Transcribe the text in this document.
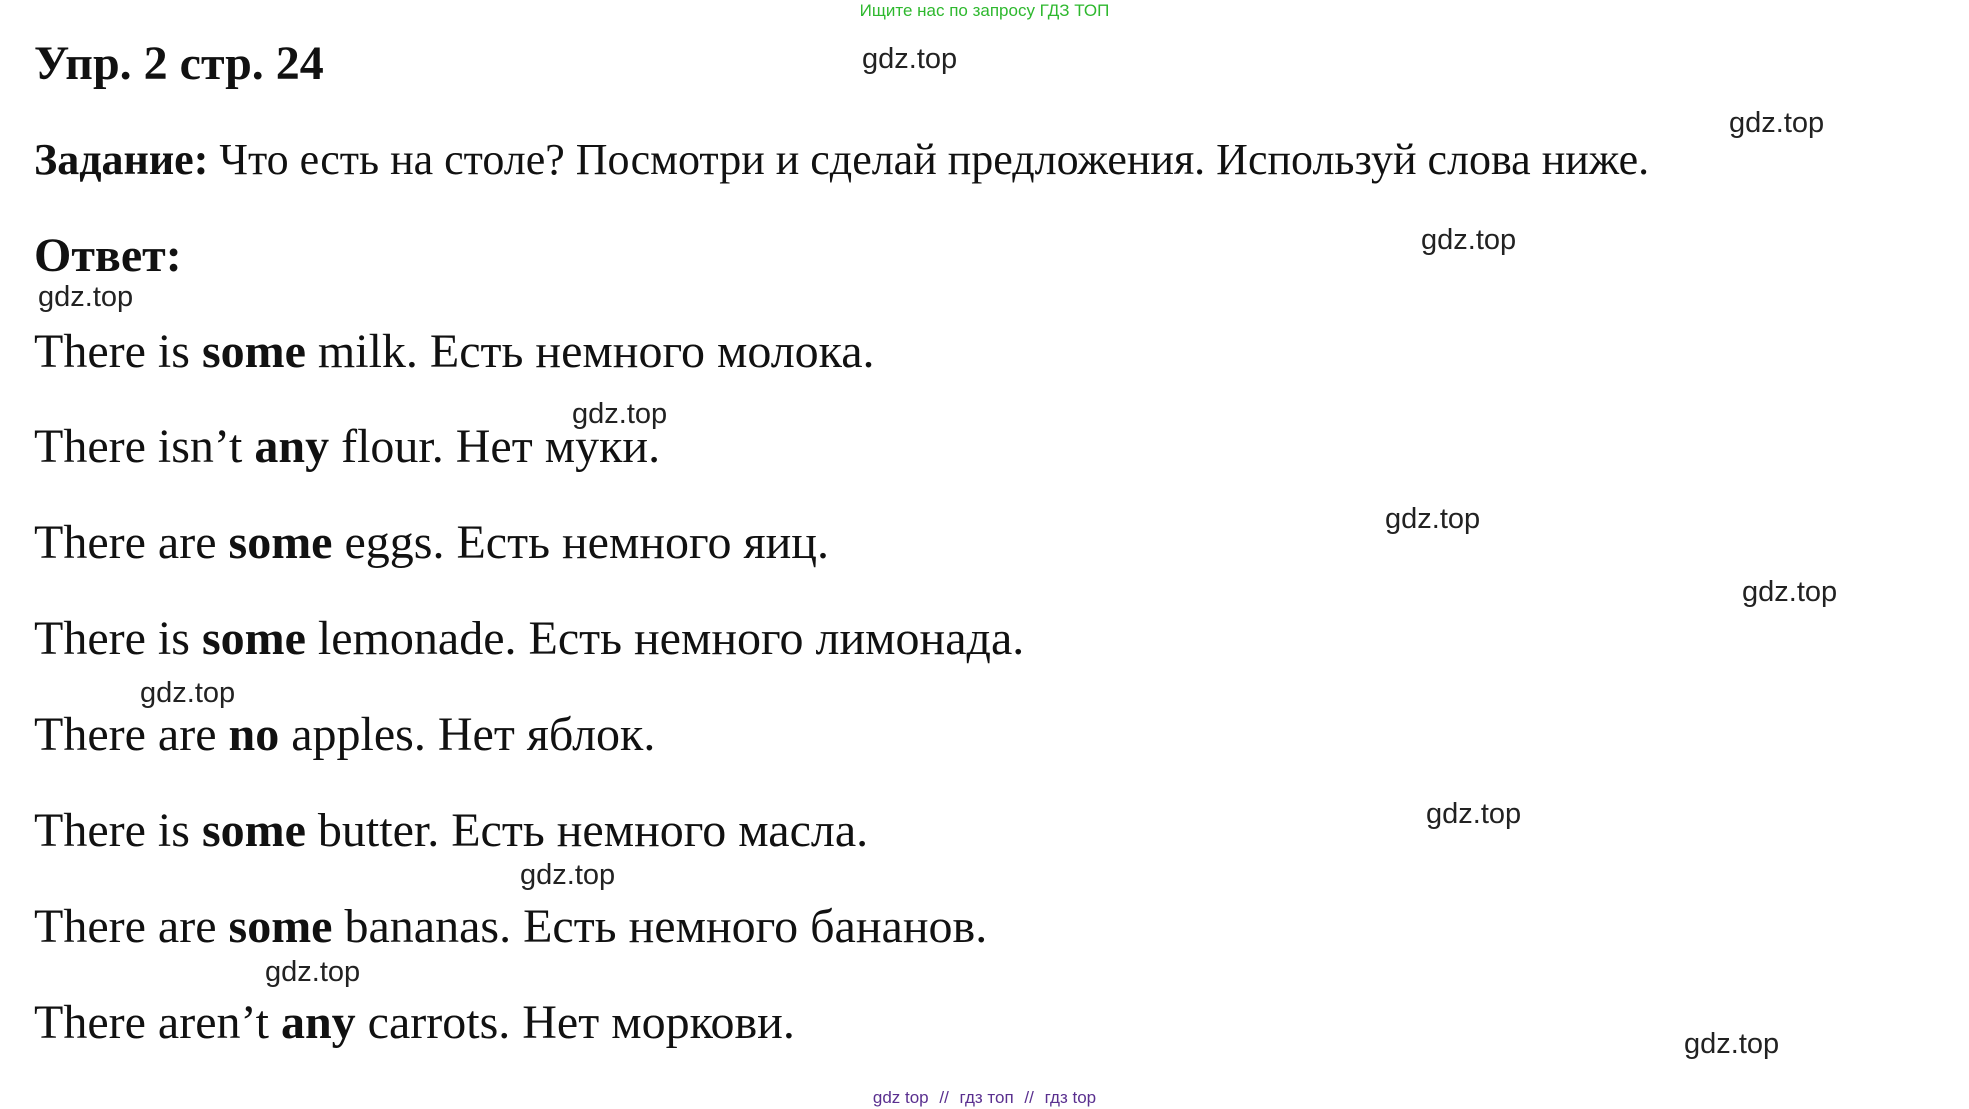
Ищите нас по запросу ГДЗ ТОП
Упр. 2 стр. 24
Задание: Что есть на столе? Посмотри и сделай предложения. Используй слова ниже.
Ответ:
There is some milk. Есть немного молока.
There isn’t any flour. Нет муки.
There are some eggs. Есть немного яиц.
There is some lemonade. Есть немного лимонада.
There are no apples. Нет яблок.
There is some butter. Есть немного масла.
There are some bananas. Есть немного бананов.
There aren’t any carrots. Нет моркови.
gdz.top
gdz.top
gdz.top
gdz.top
gdz.top
gdz.top
gdz.top
gdz.top
gdz.top
gdz.top
gdz.top
gdz.top
gdz top // гдз топ // гдз top
